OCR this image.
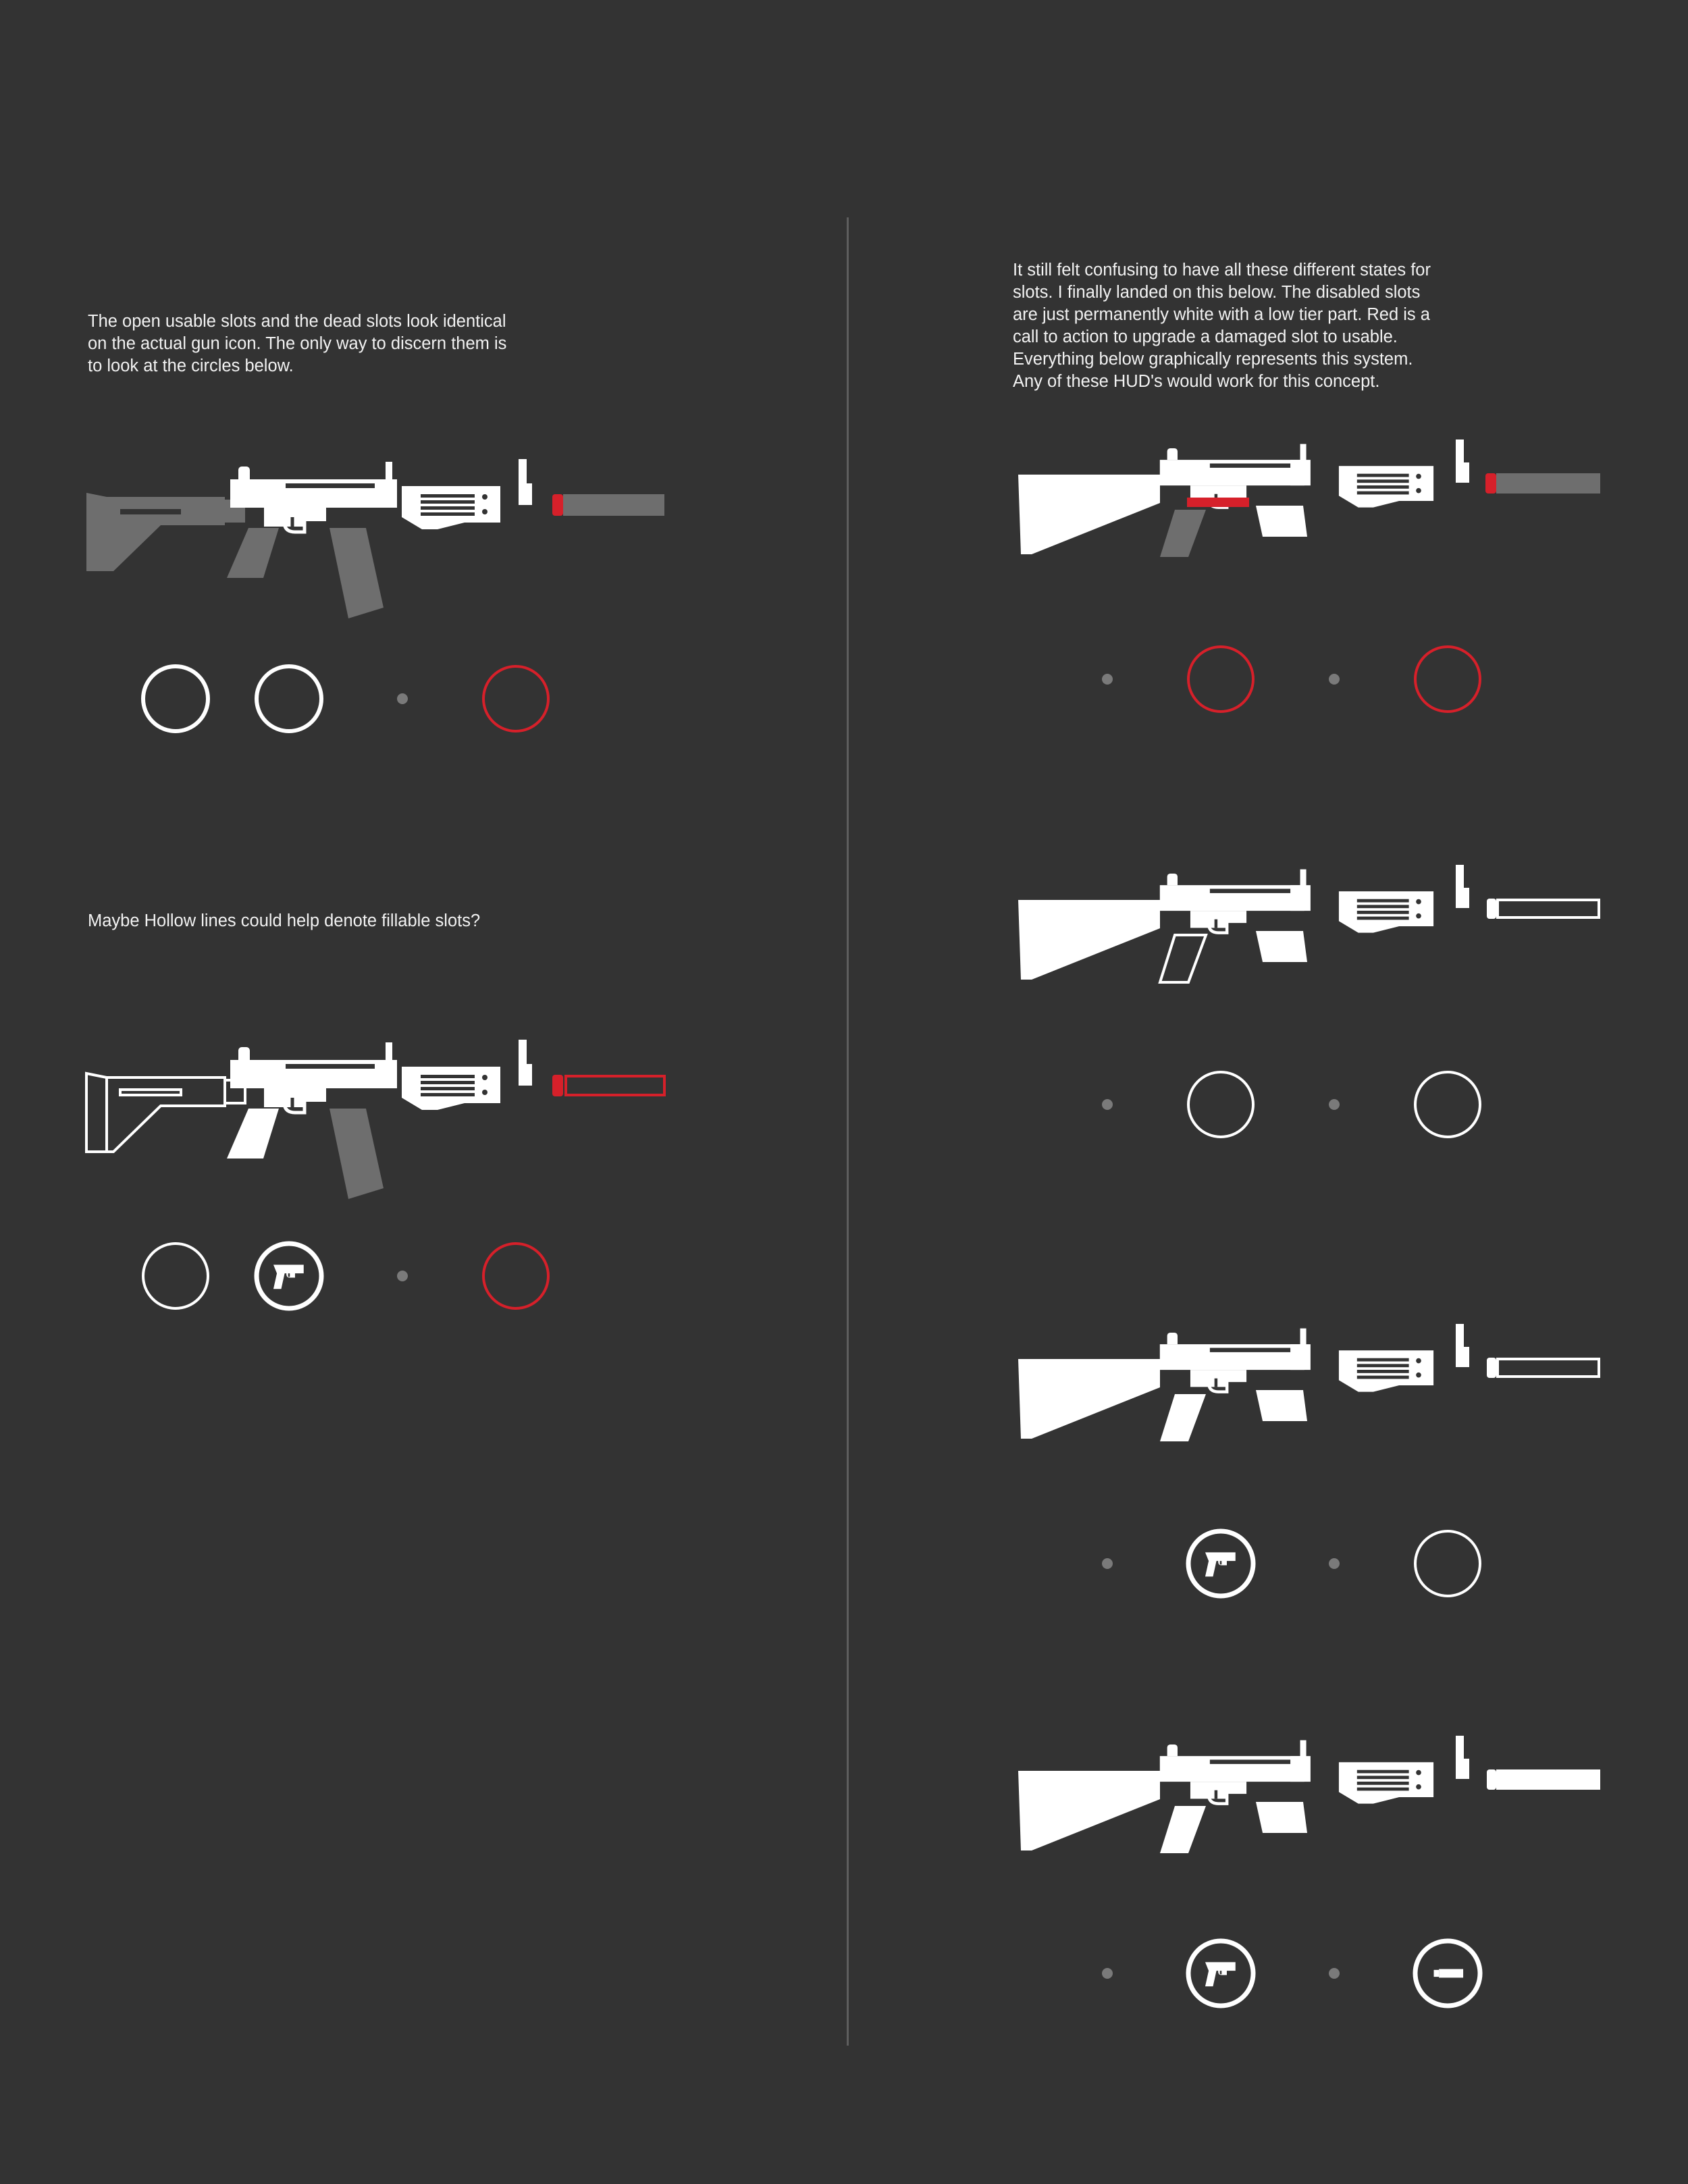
The open usable slots and the dead slots look identical
on the actual gun icon. The only way to discern them is
to look at the circles below.

Maybe Hollow lines could help denote fillable slots?

It still felt confusing to have all these different states for
slots. I finally landed on this below. The disabled slots
are just permanently white with a low tier part. Red is a
call to action to upgrade a damaged slot to usable.
Everything below graphically represents this system.
Any of these HUD's would work for this concept.
